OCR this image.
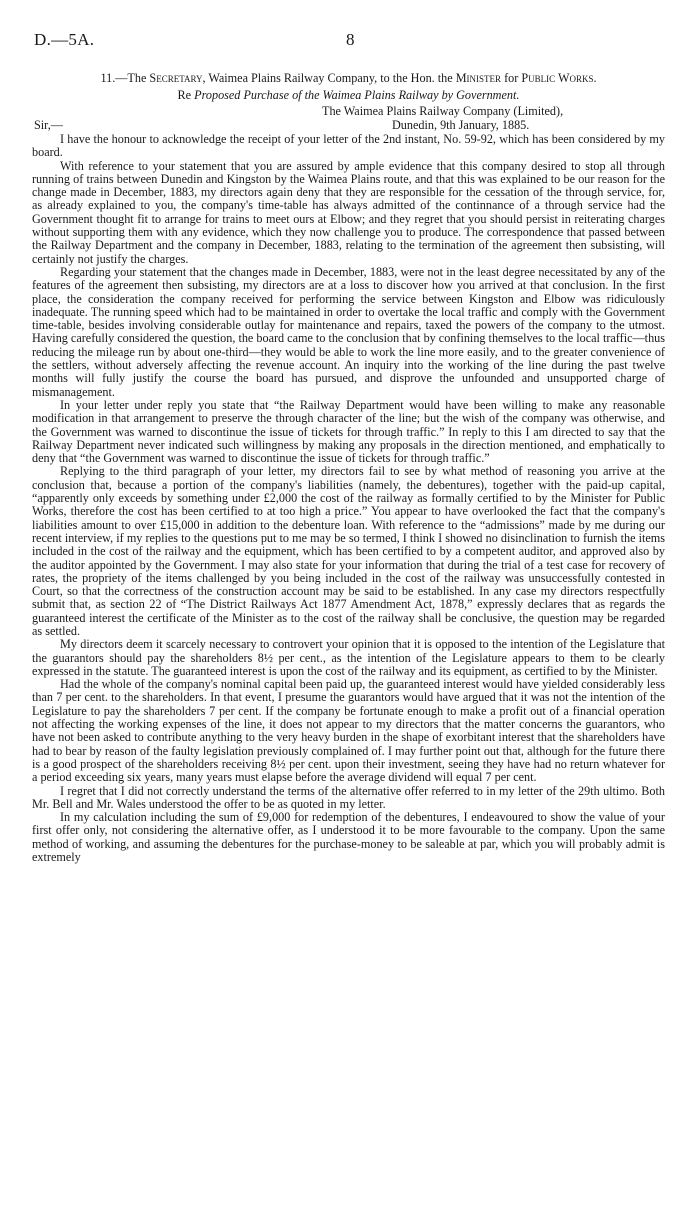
D.—5A.	8
11.—The Secretary, Waimea Plains Railway Company, to the Hon. the Minister for Public Works.
Re Proposed Purchase of the Waimea Plains Railway by Government.
The Waimea Plains Railway Company (Limited),
Sir,—	Dunedin, 9th January, 1885.

I have the honour to acknowledge the receipt of your letter of the 2nd instant, No. 59-92, which has been considered by my board.

With reference to your statement that you are assured by ample evidence that this company desired to stop all through running of trains between Dunedin and Kingston by the Waimea Plains route, and that this was explained to be our reason for the change made in December, 1883, my directors again deny that they are responsible for the cessation of the through service, for, as already explained to you, the company's time-table has always admitted of the continnance of a through service had the Government thought fit to arrange for trains to meet ours at Elbow; and they regret that you should persist in reiterating charges without supporting them with any evidence, which they now challenge you to produce. The correspondence that passed between the Railway Department and the company in December, 1883, relating to the termination of the agreement then subsisting, will certainly not justify the charges.

Regarding your statement that the changes made in December, 1883, were not in the least degree necessitated by any of the features of the agreement then subsisting, my directors are at a loss to discover how you arrived at that conclusion. In the first place, the consideration the company received for performing the service between Kingston and Elbow was ridiculously inadequate. The running speed which had to be maintained in order to overtake the local traffic and comply with the Government time-table, besides involving considerable outlay for maintenance and repairs, taxed the powers of the company to the utmost. Having carefully considered the question, the board came to the conclusion that by confining themselves to the local traffic—thus reducing the mileage run by about one-third—they would be able to work the line more easily, and to the greater convenience of the settlers, without adversely affecting the revenue account. An inquiry into the working of the line during the past twelve months will fully justify the course the board has pursued, and disprove the unfounded and unsupported charge of mismanagement.

In your letter under reply you state that “the Railway Department would have been willing to make any reasonable modification in that arrangement to preserve the through character of the line; but the wish of the company was otherwise, and the Government was warned to discontinue the issue of tickets for through traffic.” In reply to this I am directed to say that the Railway Department never indicated such willingness by making any proposals in the direction mentioned, and emphatically to deny that “the Government was warned to discontinue the issue of tickets for through traffic.”

Replying to the third paragraph of your letter, my directors fail to see by what method of reasoning you arrive at the conclusion that, because a portion of the company's liabilities (namely, the debentures), together with the paid-up capital, “apparently only exceeds by something under £2,000 the cost of the railway as formally certified to by the Minister for Public Works, therefore the cost has been certified to at too high a price.” You appear to have overlooked the fact that the company's liabilities amount to over £15,000 in addition to the debenture loan. With reference to the “admissions” made by me during our recent interview, if my replies to the questions put to me may be so termed, I think I showed no disinclination to furnish the items included in the cost of the railway and the equipment, which has been certified to by a competent auditor, and approved also by the auditor appointed by the Government. I may also state for your information that during the trial of a test case for recovery of rates, the propriety of the items challenged by you being included in the cost of the railway was unsuccessfully contested in Court, so that the correctness of the construction account may be said to be established. In any case my directors respectfully submit that, as section 22 of “The District Railways Act 1877 Amendment Act, 1878,” expressly declares that as regards the guaranteed interest the certificate of the Minister as to the cost of the railway shall be conclusive, the question may be regarded as settled.

My directors deem it scarcely necessary to controvert your opinion that it is opposed to the intention of the Legislature that the guarantors should pay the shareholders 8½ per cent., as the intention of the Legislature appears to them to be clearly expressed in the statute. The guaranteed interest is upon the cost of the railway and its equipment, as certified to by the Minister.

Had the whole of the company's nominal capital been paid up, the guaranteed interest would have yielded considerably less than 7 per cent. to the shareholders. In that event, I presume the guarantors would have argued that it was not the intention of the Legislature to pay the shareholders 7 per cent. If the company be fortunate enough to make a profit out of a financial operation not affecting the working expenses of the line, it does not appear to my directors that the matter concerns the guarantors, who have not been asked to contribute anything to the very heavy burden in the shape of exorbitant interest that the shareholders have had to bear by reason of the faulty legislation previously complained of. I may further point out that, although for the future there is a good prospect of the shareholders receiving 8½ per cent. upon their investment, seeing they have had no return whatever for a period exceeding six years, many years must elapse before the average dividend will equal 7 per cent.

I regret that I did not correctly understand the terms of the alternative offer referred to in my letter of the 29th ultimo. Both Mr. Bell and Mr. Wales understood the offer to be as quoted in my letter.

In my calculation including the sum of £9,000 for redemption of the debentures, I endeavoured to show the value of your first offer only, not considering the alternative offer, as I understood it to be more favourable to the company. Upon the same method of working, and assuming the debentures for the purchase-money to be saleable at par, which you will probably admit is extremely
